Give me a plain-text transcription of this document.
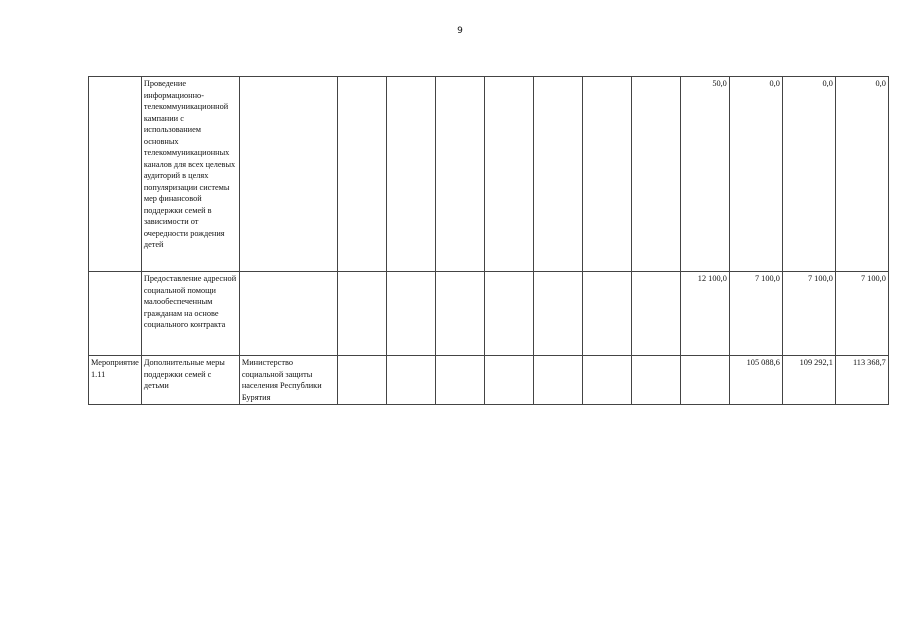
9
	Проведение информационно-телекоммуникационной кампании с использованием основных телекоммуникационных каналов для всех целевых аудиторий в целях популяризации системы мер финансовой поддержки семей в зависимости от очередности рождения детей									50,0	0,0	0,0	0,0
	Предоставление адресной социальной помощи малообеспеченным гражданам на основе социального контракта									12 100,0	7 100,0	7 100,0	7 100,0
Мероприятие 1.11	Дополнительные меры поддержки семей с детьми	Министерство социальной защиты населения Республики Бурятия									105 088,6	109 292,1	113 368,7
